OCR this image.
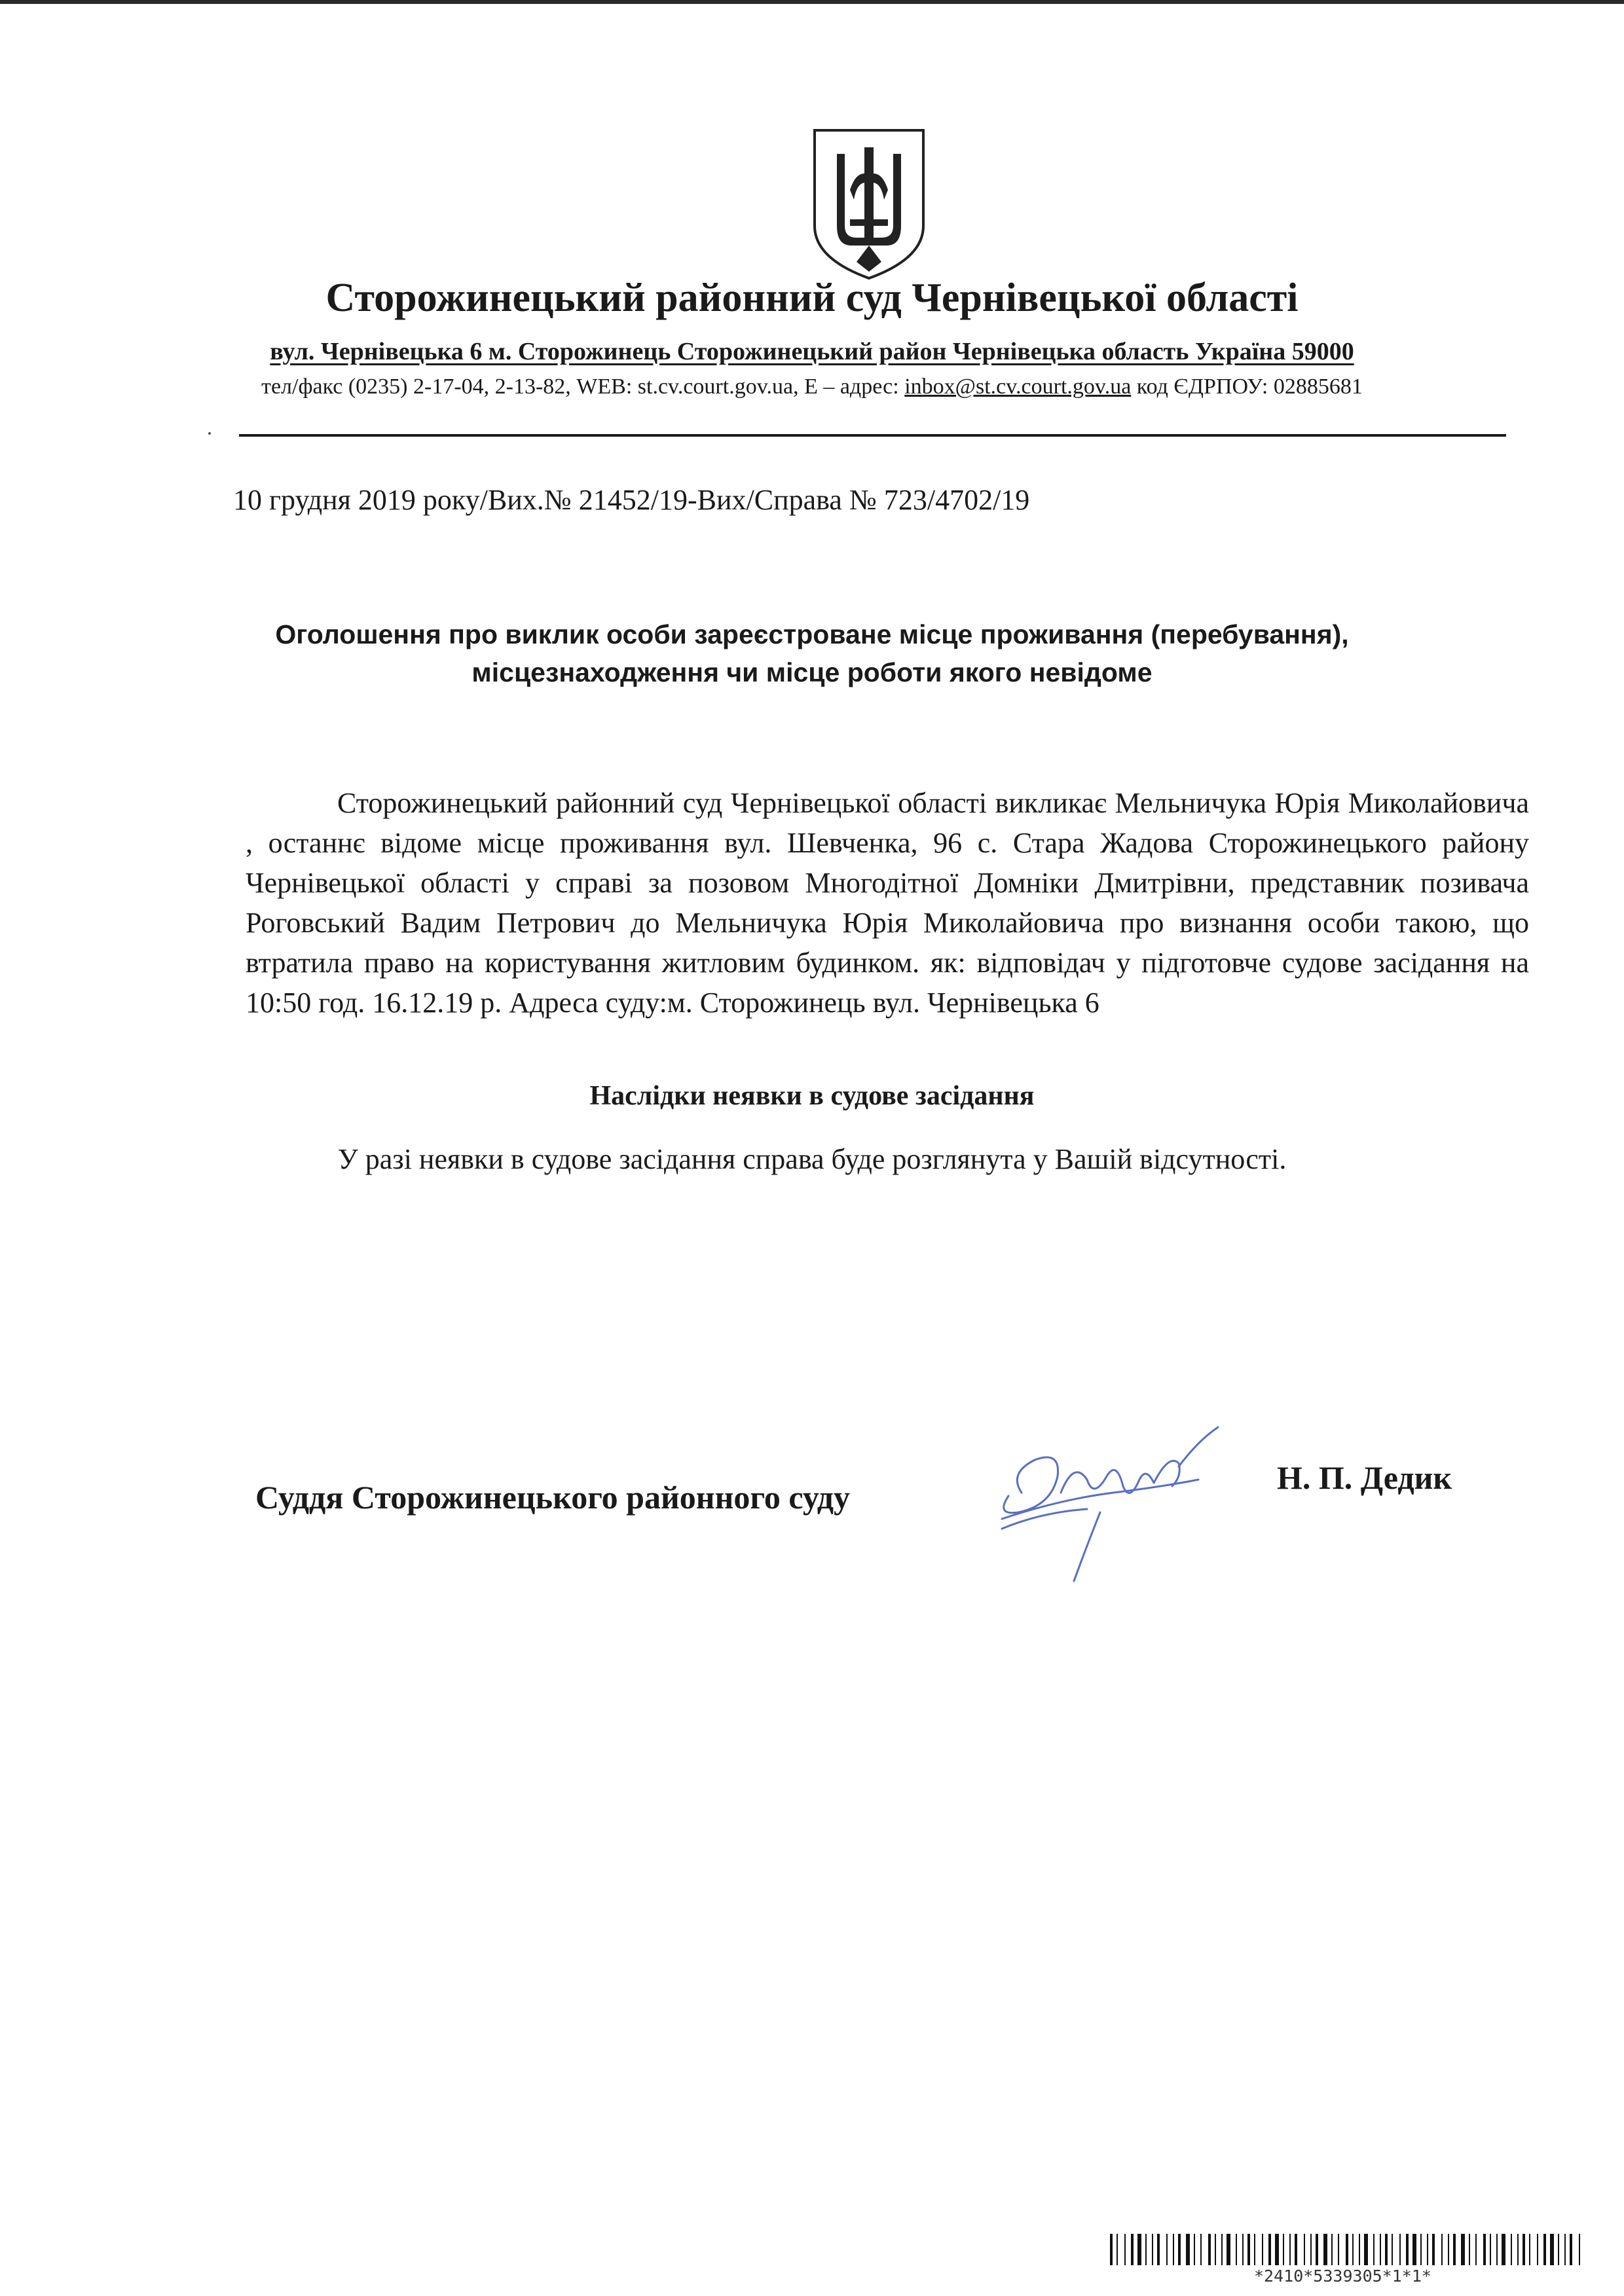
Сторожинецький районний суд Чернівецької області
вул. Чернівецька 6 м. Сторожинець Сторожинецький район Чернівецька область Україна 59000
тел/факс (0235) 2-17-04, 2-13-82, WEB: st.cv.court.gov.ua, E – адрес: inbox@st.cv.court.gov.ua код ЄДРПОУ: 02885681
10 грудня 2019 року/Вих.№ 21452/19-Вих/Справа № 723/4702/19
Оголошення про виклик особи зареєстроване місце проживання (перебування),
місцезнаходження чи місце роботи якого невідоме
Сторожинецький районний суд Чернівецької області викликає Мельничука Юрія Миколайовича , останнє відоме місце проживання вул. Шевченка, 96 с. Стара Жадова Сторожинецького району Чернівецької області у справі за позовом Многодітної Домніки Дмитрівни, представник позивача Роговський Вадим Петрович до Мельничука Юрія Миколайовича про визнання особи такою, що втратила право на користування житловим будинком. як: відповідач у підготовче судове засідання на 10:50 год. 16.12.19 р. Адреса суду:м. Сторожинець вул. Чернівецька 6
Наслідки неявки в судове засідання
У разі неявки в судове засідання справа буде розглянута у Вашій відсутності.
Суддя Сторожинецького районного суду
Н. П. Дедик
*2410*5339305*1*1*
